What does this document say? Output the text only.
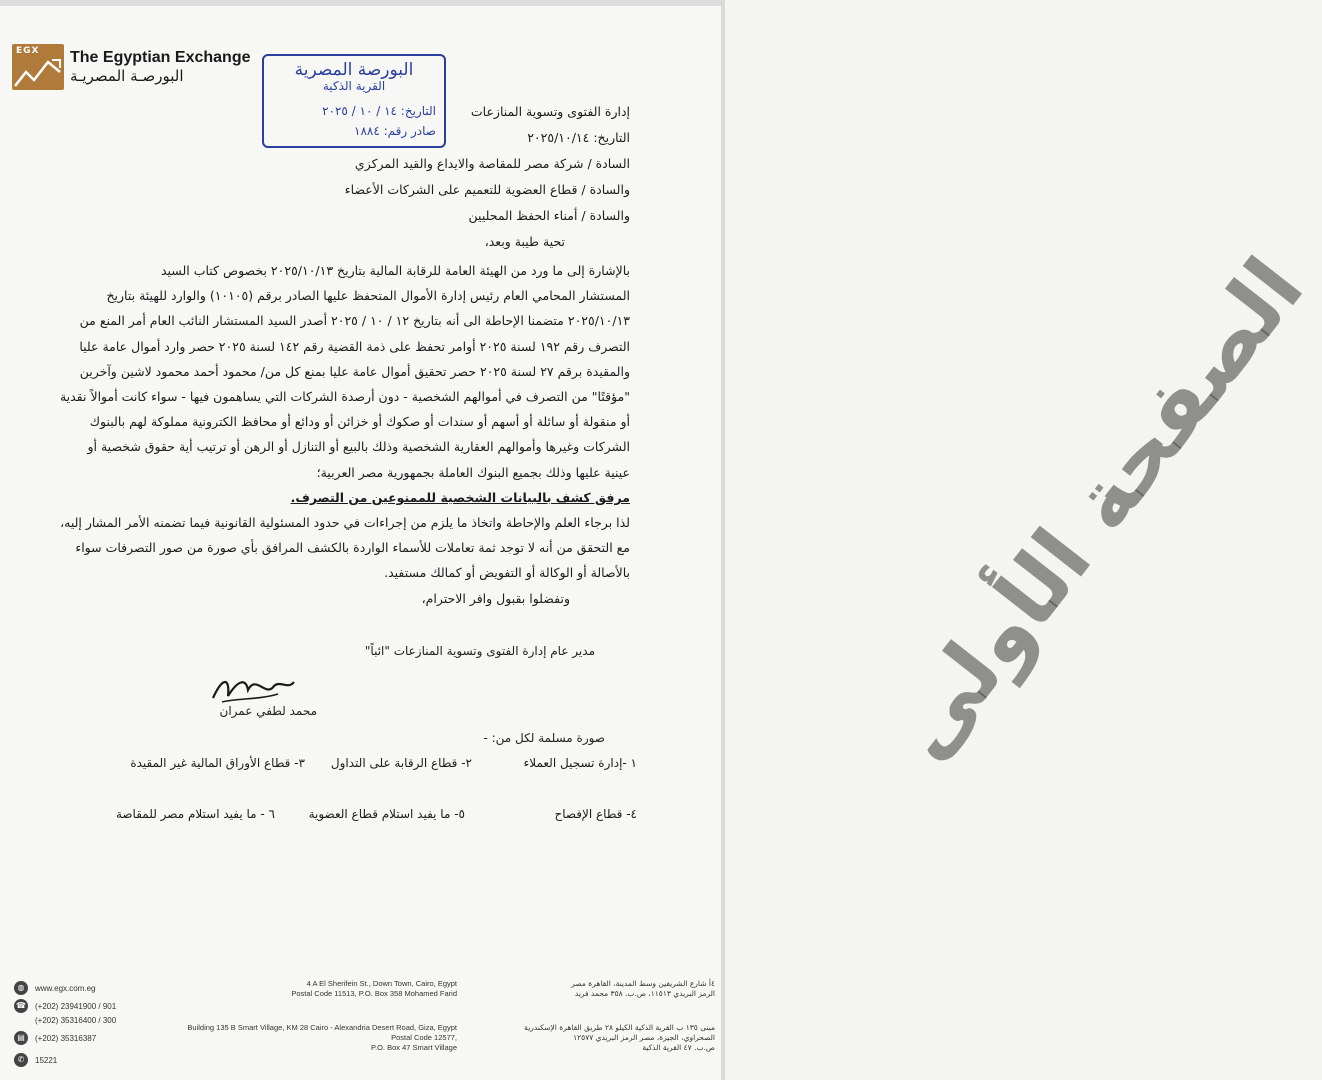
EGX The Egyptian Exchange
البورصـة المصريـة	البورصة المصرية
القرية الذكية
التاريخ: ١٤ / ١٠ / ٢٠٢٥
صادر رقم: ١٨٨٤
إدارة الفتوى وتسوية المنازعات
التاريخ: ٢٠٢٥/١٠/١٤
السادة / شركة مصر للمقاصة والايداع والقيد المركزي
والسادة / قطاع العضوية للتعميم على الشركات الأعضاء
والسادة / أمناء الحفظ المحليين
تحية طيبة وبعد،
بالإشارة إلى ما ورد من الهيئة العامة للرقابة المالية بتاريخ ٢٠٢٥/١٠/١٣ بخصوص كتاب السيد
المستشار المحامي العام رئيس إدارة الأموال المتحفظ عليها الصادر برقم (١٠١٠٥) والوارد للهيئة بتاريخ
٢٠٢٥/١٠/١٣ متضمنا الإحاطة الى أنه بتاريخ ١٢ / ١٠ / ٢٠٢٥ أصدر السيد المستشار النائب العام أمر المنع من
التصرف رقم ١٩٢ لسنة ٢٠٢٥ أوامر تحفظ على ذمة القضية رقم ١٤٢ لسنة ٢٠٢٥ حصر وارد أموال عامة عليا
والمقيدة برقم ٢٧ لسنة ٢٠٢٥ حصر تحقيق أموال عامة عليا بمنع كل من/ محمود أحمد محمود لاشين وآخرين
"مؤقتًا" من التصرف في أموالهم الشخصية - دون أرصدة الشركات التي يساهمون فيها - سواء كانت أموالاً نقدية
أو منقولة أو سائلة أو أسهم أو سندات أو صكوك أو خزائن أو ودائع أو محافظ الكترونية مملوكة لهم بالبنوك
الشركات وغيرها وأموالهم العقارية الشخصية وذلك بالبيع أو التنازل أو الرهن أو ترتيب أية حقوق شخصية أو
عينية عليها وذلك بجميع البنوك العاملة بجمهورية مصر العربية؛
مرفق كشف بالبيانات الشخصية للممنوعين من التصرف.
لذا برجاء العلم والإحاطة واتخاذ ما يلزم من إجراءات في حدود المسئولية القانونية فيما تضمنه الأمر المشار إليه،
مع التحقق من أنه لا توجد ثمة تعاملات للأسماء الواردة بالكشف المرافق بأي صورة من صور التصرفات سواء
بالأصالة أو الوكالة أو التفويض أو كمالك مستفيد.
وتفضلوا بقبول وافر الاحترام،
مدير عام إدارة الفتوى وتسوية المنازعات "ائباً"
محمد لطفي عمران
صورة مسلمة لكل من: -
١ -إدارة تسجيل العملاء
٢- قطاع الرقابة على التداول
٣- قطاع الأوراق المالية غير المقيدة
٤- قطاع الإفصاح
٥- ما يفيد استلام قطاع العضوية
٦ - ما يفيد استلام مصر للمقاصة
الصفحة الأولى
◍	www.egx.com.eg
☎ (+202) 23941900 / 901
(+202) 35316400 / 300
▤	(+202) 35316387
✆	15221
4 A El Sherifein St., Down Town, Cairo, Egypt
Postal Code 11513, P.O. Box 358 Mohamed Farid
Building 135 B Smart Village, KM 28 Cairo - Alexandria Desert Road, Giza, Egypt
Postal Code 12577,
P.O. Box 47 Smart Village
٤أ شارع الشريفين وسط المدينة، القاهرة مصر
الرمز البريدي ١١٥١٣، ص.ب. ٣٥٨ محمد فريد
مبنى ١٣٥ ب القرية الذكية الكيلو ٢٨ طريق القاهرة الإسكندرية
الصحراوي، الجيزة، مصر الرمز البريدي ١٢٥٧٧
ص.ب. ٤٧ القرية الذكية
